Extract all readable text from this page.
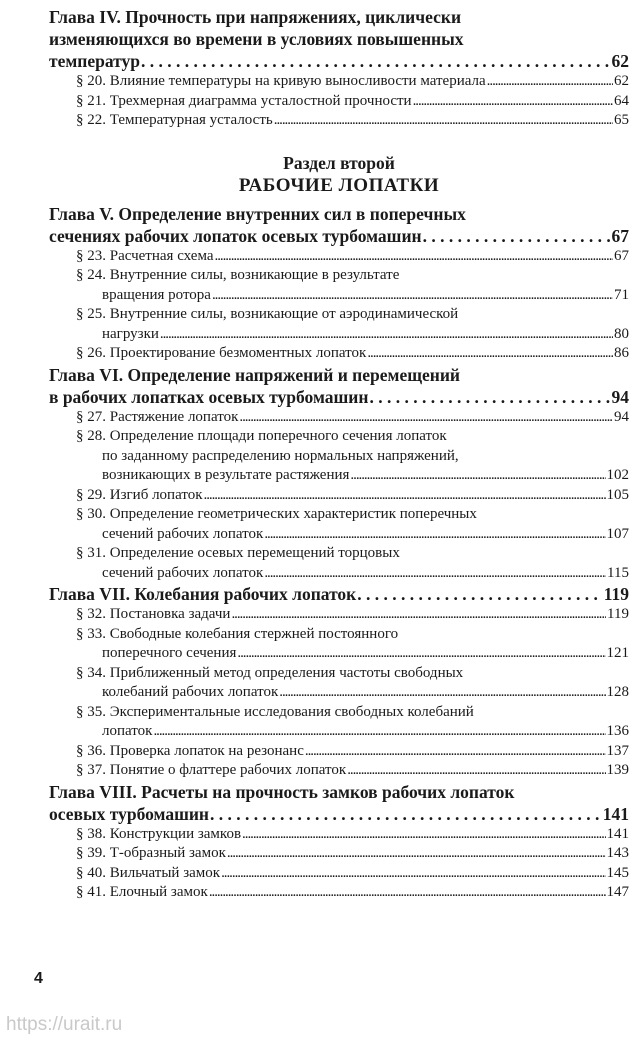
Глава IV. Прочность при напряжениях, циклически
изменяющихся во времени в условиях повышенных
температур . . .	62
§ 20. Влияние температуры на кривую выносливости материала . . .	62
§ 21. Трехмерная диаграмма усталостной прочности . . .	64
§ 22. Температурная усталость . . .	65
Раздел второй
РАБОЧИЕ ЛОПАТКИ
Глава V. Определение внутренних сил в поперечных
сечениях рабочих лопаток осевых турбомашин . . .	67
§ 23. Расчетная схема . . .	67
§ 24. Внутренние силы, возникающие в результате
вращения ротора . . .	71
§ 25. Внутренние силы, возникающие от аэродинамической
нагрузки . . .	80
§ 26. Проектирование безмоментных лопаток . . .	86
Глава VI. Определение напряжений и перемещений
в рабочих лопатках осевых турбомашин . . .	94
§ 27. Растяжение лопаток . . .	94
§ 28. Определение площади поперечного сечения лопаток
по заданному распределению нормальных напряжений,
возникающих в результате растяжения . . .	102
§ 29. Изгиб лопаток . . .	105
§ 30. Определение геометрических характеристик поперечных
сечений рабочих лопаток . . .	107
§ 31. Определение осевых перемещений торцовых
сечений рабочих лопаток . . .	115
Глава VII. Колебания рабочих лопаток . . .	119
§ 32. Постановка задачи . . .	119
§ 33. Свободные колебания стержней постоянного
поперечного сечения . . .	121
§ 34. Приближенный метод определения частоты свободных
колебаний рабочих лопаток . . .	128
§ 35. Экспериментальные исследования свободных колебаний
лопаток . . .	136
§ 36. Проверка лопаток на резонанс . . .	137
§ 37. Понятие о флаттере рабочих лопаток . . .	139
Глава VIII. Расчеты на прочность замков рабочих лопаток
осевых турбомашин . . .	141
§ 38. Конструкции замков . . .	141
§ 39. Т-образный замок . . .	143
§ 40. Вильчатый замок . . .	145
§ 41. Елочный замок . . .	147
4
https://urait.ru
